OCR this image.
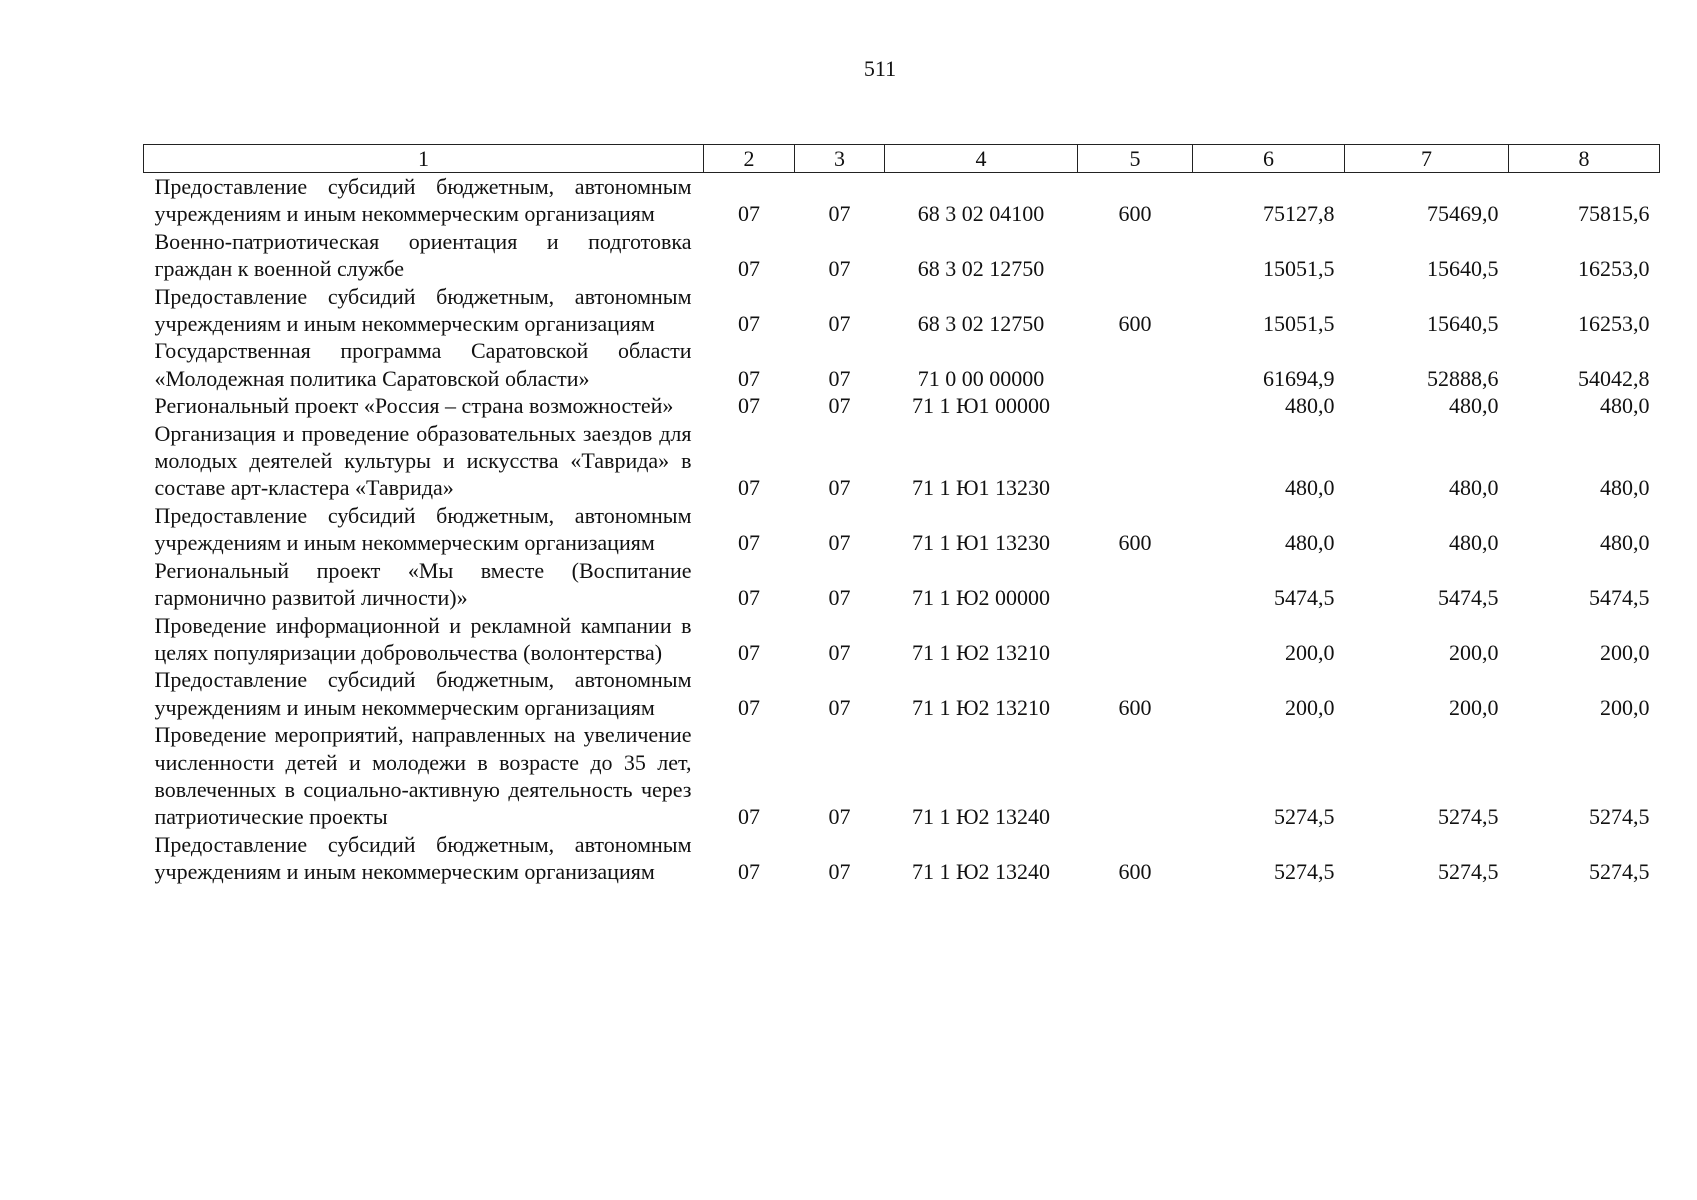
511
1	2	3	4	5	6	7	8
Предоставление субсидий бюджетным, автономным учреждениям и иным некоммерческим организациям	07	07	68 3 02 04100	600	75127,8	75469,0	75815,6
Военно-патриотическая ориентация и подготовка граждан к военной службе	07	07	68 3 02 12750		15051,5	15640,5	16253,0
Предоставление субсидий бюджетным, автономным учреждениям и иным некоммерческим организациям	07	07	68 3 02 12750	600	15051,5	15640,5	16253,0
Государственная программа Саратовской области «Молодежная политика Саратовской области»	07	07	71 0 00 00000		61694,9	52888,6	54042,8
Региональный проект «Россия – страна возможностей»	07	07	71 1 Ю1 00000		480,0	480,0	480,0
Организация и проведение образовательных заездов для молодых деятелей культуры и искусства «Таврида» в составе арт-кластера «Таврида»	07	07	71 1 Ю1 13230		480,0	480,0	480,0
Предоставление субсидий бюджетным, автономным учреждениям и иным некоммерческим организациям	07	07	71 1 Ю1 13230	600	480,0	480,0	480,0
Региональный проект «Мы вместе (Воспитание гармонично развитой личности)»	07	07	71 1 Ю2 00000		5474,5	5474,5	5474,5
Проведение информационной и рекламной кампании в целях популяризации добровольчества (волонтерства)	07	07	71 1 Ю2 13210		200,0	200,0	200,0
Предоставление субсидий бюджетным, автономным учреждениям и иным некоммерческим организациям	07	07	71 1 Ю2 13210	600	200,0	200,0	200,0
Проведение мероприятий, направленных на увеличение численности детей и молодежи в возрасте до 35 лет, вовлеченных в социально-активную деятельность через патриотические проекты	07	07	71 1 Ю2 13240		5274,5	5274,5	5274,5
Предоставление субсидий бюджетным, автономным учреждениям и иным некоммерческим организациям	07	07	71 1 Ю2 13240	600	5274,5	5274,5	5274,5
